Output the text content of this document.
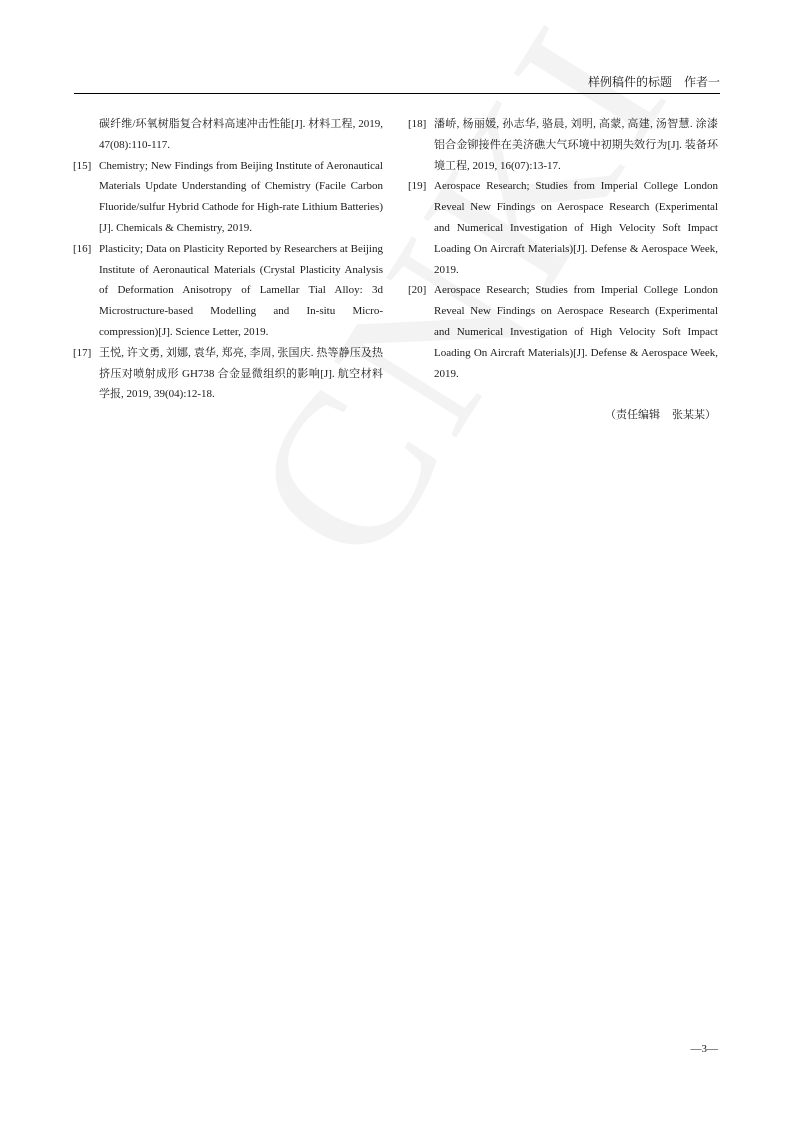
样例稿件的标题 作者一
碳纤维/环氧树脂复合材料高速冲击性能[J]. 材料工程, 2019, 47(08):110-117.
[15] Chemistry; New Findings from Beijing Institute of Aeronautical Materials Update Understanding of Chemistry (Facile Carbon Fluoride/sulfur Hybrid Cathode for High-rate Lithium Batteries)[J]. Chemicals & Chemistry, 2019.
[16] Plasticity; Data on Plasticity Reported by Researchers at Beijing Institute of Aeronautical Materials (Crystal Plasticity Analysis of Deformation Anisotropy of Lamellar Tial Alloy: 3d Microstructure-based Modelling and In-situ Micro-compression)[J]. Science Letter, 2019.
[17] 王悦, 许文勇, 刘娜, 袁华, 郑亮, 李周, 张国庆. 热等静压及热挤压对喷射成形 GH738 合金显微组织的影响[J]. 航空材料学报, 2019, 39(04):12-18.
[18] 潘峤, 杨丽媛, 孙志华, 骆晨, 刘明, 高蒙, 高建, 汤智慧. 涂漆铝合金铆接件在美济礁大气环境中初期失效行为[J]. 装备环境工程, 2019, 16(07):13-17.
[19] Aerospace Research; Studies from Imperial College London Reveal New Findings on Aerospace Research (Experimental and Numerical Investigation of High Velocity Soft Impact Loading On Aircraft Materials)[J]. Defense & Aerospace Week, 2019.
[20] Aerospace Research; Studies from Imperial College London Reveal New Findings on Aerospace Research (Experimental and Numerical Investigation of High Velocity Soft Impact Loading On Aircraft Materials)[J]. Defense & Aerospace Week, 2019.
（责任编辑 张某某）
—3—
